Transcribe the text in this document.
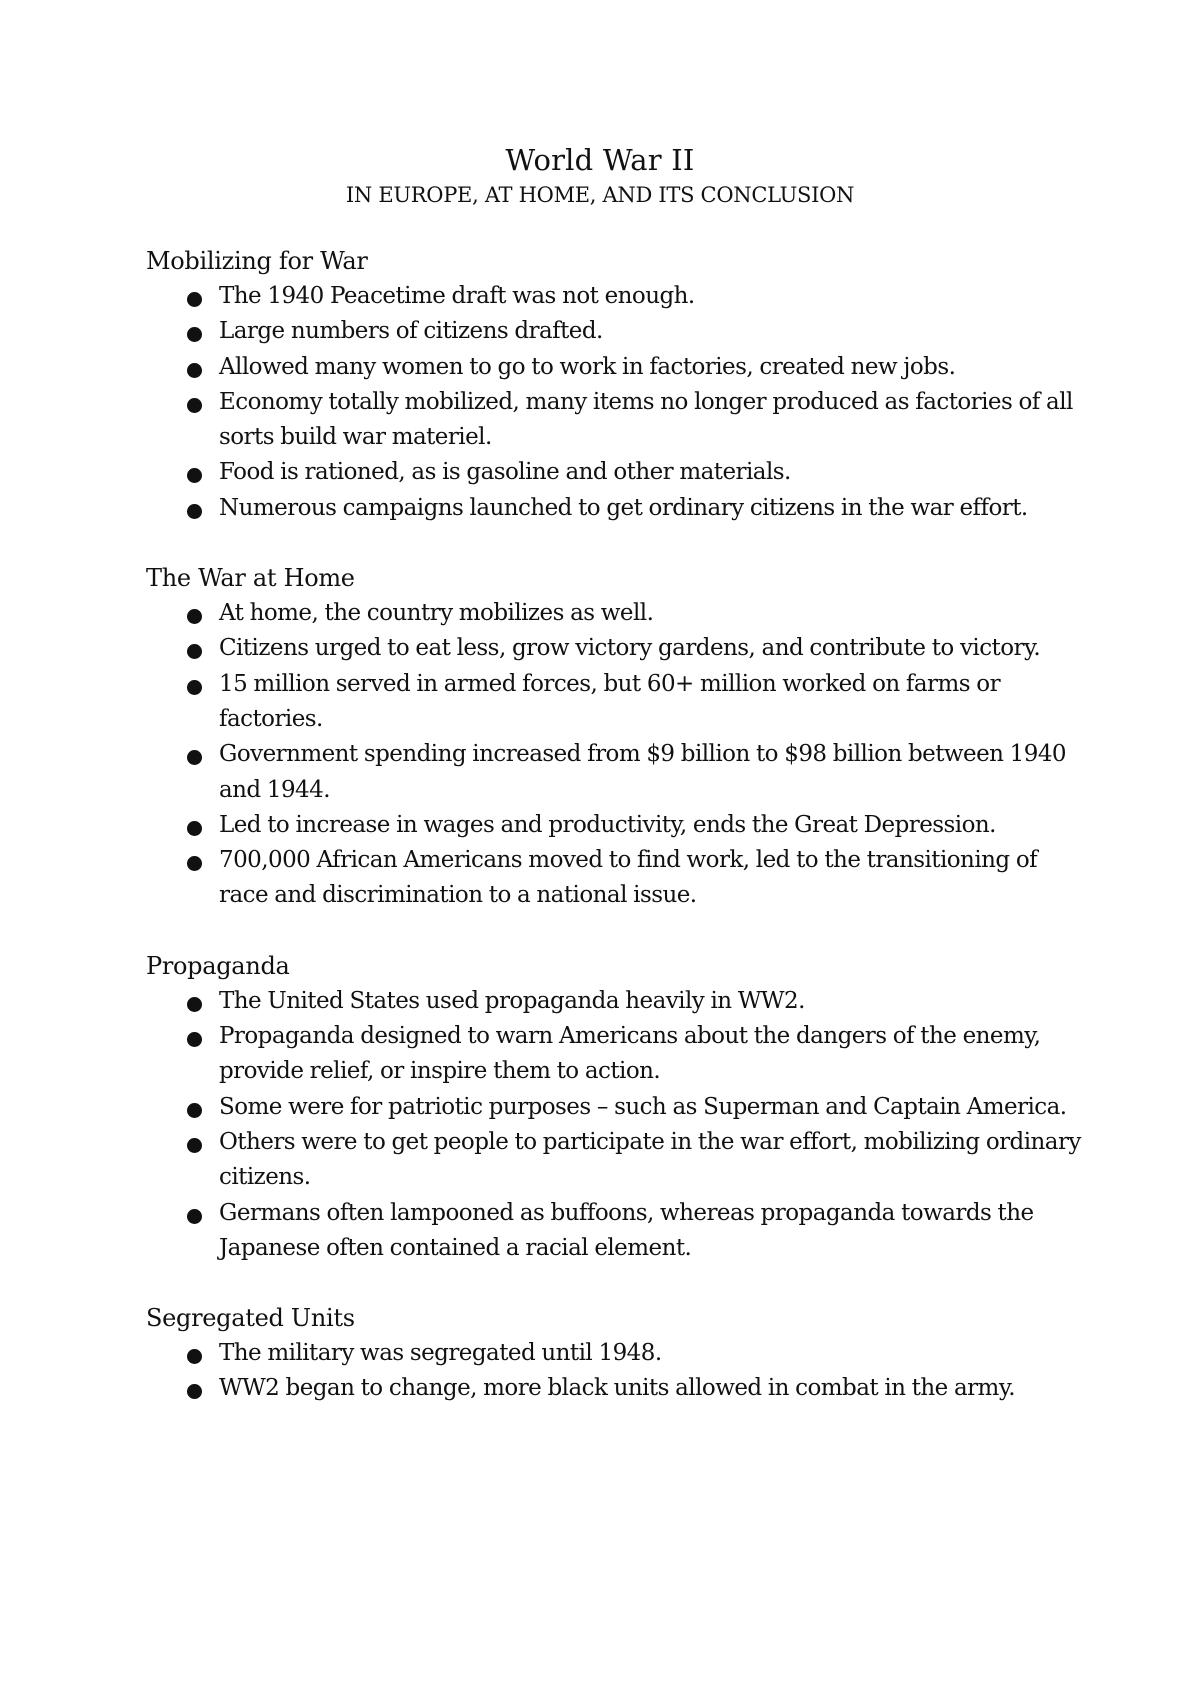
World War II
IN EUROPE, AT HOME, AND ITS CONCLUSION
Mobilizing for War
The 1940 Peacetime draft was not enough.
Large numbers of citizens drafted.
Allowed many women to go to work in factories, created new jobs.
Economy totally mobilized, many items no longer produced as factories of all sorts build war materiel.
Food is rationed, as is gasoline and other materials.
Numerous campaigns launched to get ordinary citizens in the war effort.
The War at Home
At home, the country mobilizes as well.
Citizens urged to eat less, grow victory gardens, and contribute to victory.
15 million served in armed forces, but 60+ million worked on farms or factories.
Government spending increased from $9 billion to $98 billion between 1940 and 1944.
Led to increase in wages and productivity, ends the Great Depression.
700,000 African Americans moved to find work, led to the transitioning of race and discrimination to a national issue.
Propaganda
The United States used propaganda heavily in WW2.
Propaganda designed to warn Americans about the dangers of the enemy, provide relief, or inspire them to action.
Some were for patriotic purposes – such as Superman and Captain America.
Others were to get people to participate in the war effort, mobilizing ordinary citizens.
Germans often lampooned as buffoons, whereas propaganda towards the Japanese often contained a racial element.
Segregated Units
The military was segregated until 1948.
WW2 began to change, more black units allowed in combat in the army.
